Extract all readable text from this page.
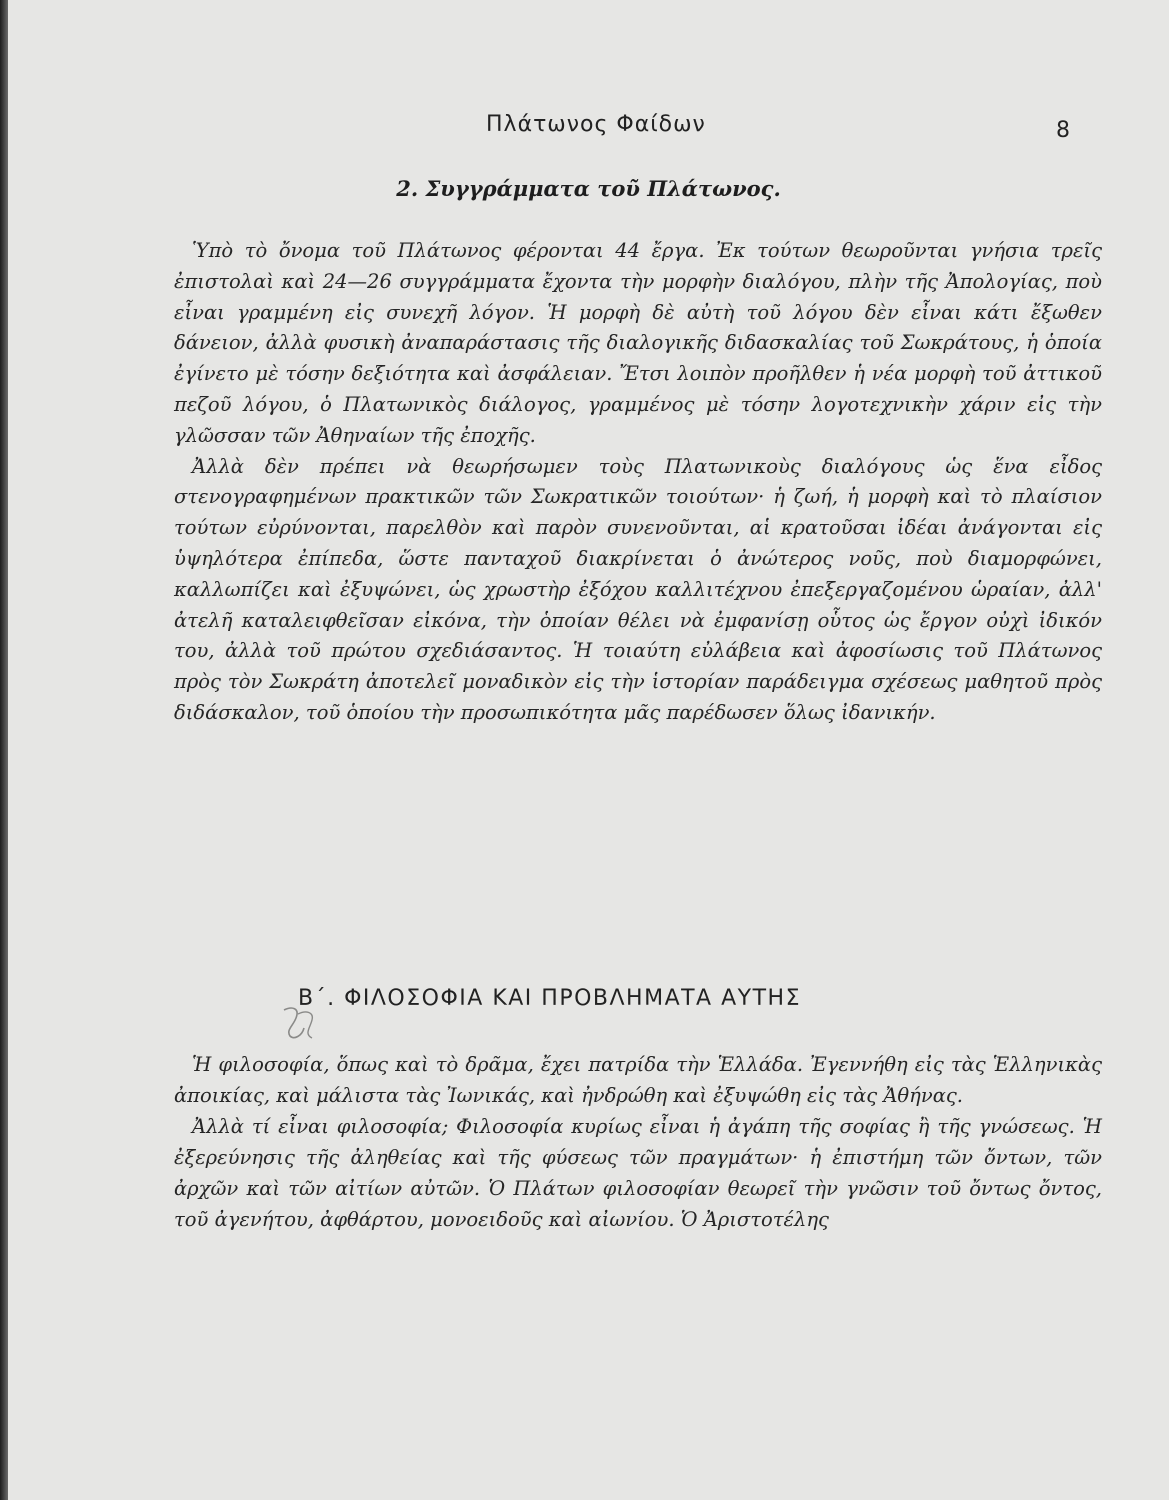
Πλάτωνος Φαίδων	8
2. Συγγράμματα τοῦ Πλάτωνος.

Ὑπὸ τὸ ὄνομα τοῦ Πλάτωνος φέρονται 44 ἔργα. Ἐκ τούτων θεωροῦνται γνήσια τρεῖς ἐπιστολαὶ καὶ 24—26 συγγράμματα ἔχοντα τὴν μορφὴν διαλόγου, πλὴν τῆς Ἀπολογίας, ποὺ εἶναι γραμμένη εἰς συνεχῆ λόγον. Ἡ μορφὴ δὲ αὐτὴ τοῦ λόγου δὲν εἶναι κάτι ἔξωθεν δάνειον, ἀλλὰ φυσικὴ ἀναπαράστασις τῆς διαλογικῆς διδασκαλίας τοῦ Σωκράτους, ἡ ὁποία ἐγίνετο μὲ τόσην δεξιότητα καὶ ἀσφάλειαν. Ἔτσι λοιπὸν προῆλθεν ἡ νέα μορφὴ τοῦ ἀττικοῦ πεζοῦ λόγου, ὁ Πλατωνικὸς διάλογος, γραμμένος μὲ τόσην λογοτεχνικὴν χάριν εἰς τὴν γλῶσσαν τῶν Ἀθηναίων τῆς ἐποχῆς.

Ἀλλὰ δὲν πρέπει νὰ θεωρήσωμεν τοὺς Πλατωνικοὺς διαλόγους ὡς ἕνα εἶδος στενογραφημένων πρακτικῶν τῶν Σωκρατικῶν τοιούτων· ἡ ζωή, ἡ μορφὴ καὶ τὸ πλαίσιον τούτων εὐρύνονται, παρελθὸν καὶ παρὸν συνενοῦνται, αἱ κρατοῦσαι ἰδέαι ἀνάγονται εἰς ὑψηλότερα ἐπίπεδα, ὥστε πανταχοῦ διακρίνεται ὁ ἀνώτερος νοῦς, ποὺ διαμορφώνει, καλλωπίζει καὶ ἐξυψώνει, ὡς χρωστὴρ ἐξόχου καλλιτέχνου ἐπεξεργαζομένου ὡραίαν, ἀλλ' ἀτελῆ καταλειφθεῖσαν εἰκόνα, τὴν ὁποίαν θέλει νὰ ἐμφανίσῃ οὗτος ὡς ἔργον οὐχὶ ἰδικόν του, ἀλλὰ τοῦ πρώτου σχεδιάσαντος. Ἡ τοιαύτη εὐλάβεια καὶ ἀφοσίωσις τοῦ Πλάτωνος πρὸς τὸν Σωκράτη ἀποτελεῖ μοναδικὸν εἰς τὴν ἱστορίαν παράδειγμα σχέσεως μαθητοῦ πρὸς διδάσκαλον, τοῦ ὁποίου τὴν προσωπικότητα μᾶς παρέδωσεν ὅλως ἰδανικήν.

Β΄. ΦΙΛΟΣΟΦΙΑ ΚΑΙ ΠΡΟΒΛΗΜΑΤΑ ΑΥΤΗΣ

Ἡ φιλοσοφία, ὅπως καὶ τὸ δρᾶμα, ἔχει πατρίδα τὴν Ἑλλάδα. Ἐγεννήθη εἰς τὰς Ἑλληνικὰς ἀποικίας, καὶ μάλιστα τὰς Ἰωνικάς, καὶ ἠνδρώθη καὶ ἐξυψώθη εἰς τὰς Ἀθήνας.

Ἀλλὰ τί εἶναι φιλοσοφία; Φιλοσοφία κυρίως εἶναι ἡ ἀγάπη τῆς σοφίας ἢ τῆς γνώσεως. Ἡ ἐξερεύνησις τῆς ἀληθείας καὶ τῆς φύσεως τῶν πραγμάτων· ἡ ἐπιστήμη τῶν ὄντων, τῶν ἀρχῶν καὶ τῶν αἰτίων αὐτῶν. Ὁ Πλάτων φιλοσοφίαν θεωρεῖ τὴν γνῶσιν τοῦ ὄντως ὄντος, τοῦ ἀγενήτου, ἀφθάρτου, μονοειδοῦς καὶ αἰωνίου. Ὁ Ἀριστοτέλης
